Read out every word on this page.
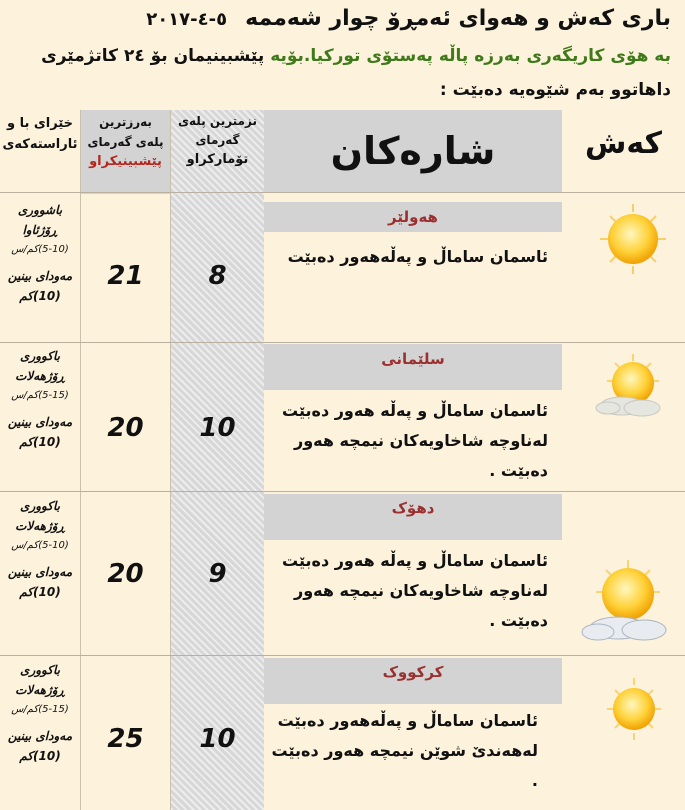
باری کەش و هەوای ئەمڕۆ چوار شەممە٥-٤-٢٠١٧
بە هۆی کاریگەری بەرزە پاڵە پەستۆی تورکیا.بۆیە پێشبینیمان بۆ ٢٤ کاتژمێری
داهاتوو بەم شێوەیە دەبێت :
خێرای با و ئاراستەکەی
بەرزترین
پلەی گەرمای
پێشبینیکراو
نزمترین پلەی
گەرمای
تۆمارکراو	شارەکان	کەش
هەولێر
ئاسمان ساماڵ و پەڵەهەور دەبێت
8
21
باشووری ڕۆژئاوا
(5-10)کم/س
مەودای بینین
(10)کم
سلێمانی
ئاسمان ساماڵ و پەڵە هەور دەبێت
لەناوچە شاخاویەکان نیمچە هەور
دەبێت .
10
20
باکووری ڕۆژهەلات
(5-15)کم/س
مەودای بینین
(10)کم
دهۆک
ئاسمان ساماڵ و پەڵە هەور دەبێت
لەناوچە شاخاویەکان نیمچە هەور
دەبێت .
9
20
باکووری ڕۆژهەلات
(5-10)کم/س
مەودای بینین
(10)کم
کرکووک
ئاسمان ساماڵ و پەڵەهەور دەبێت
لەهەندێ شوێن نیمچە هەور دەبێت .
10
25
باکووری ڕۆژهەلات
(5-15)کم/س
مەودای بینین
(10)کم
